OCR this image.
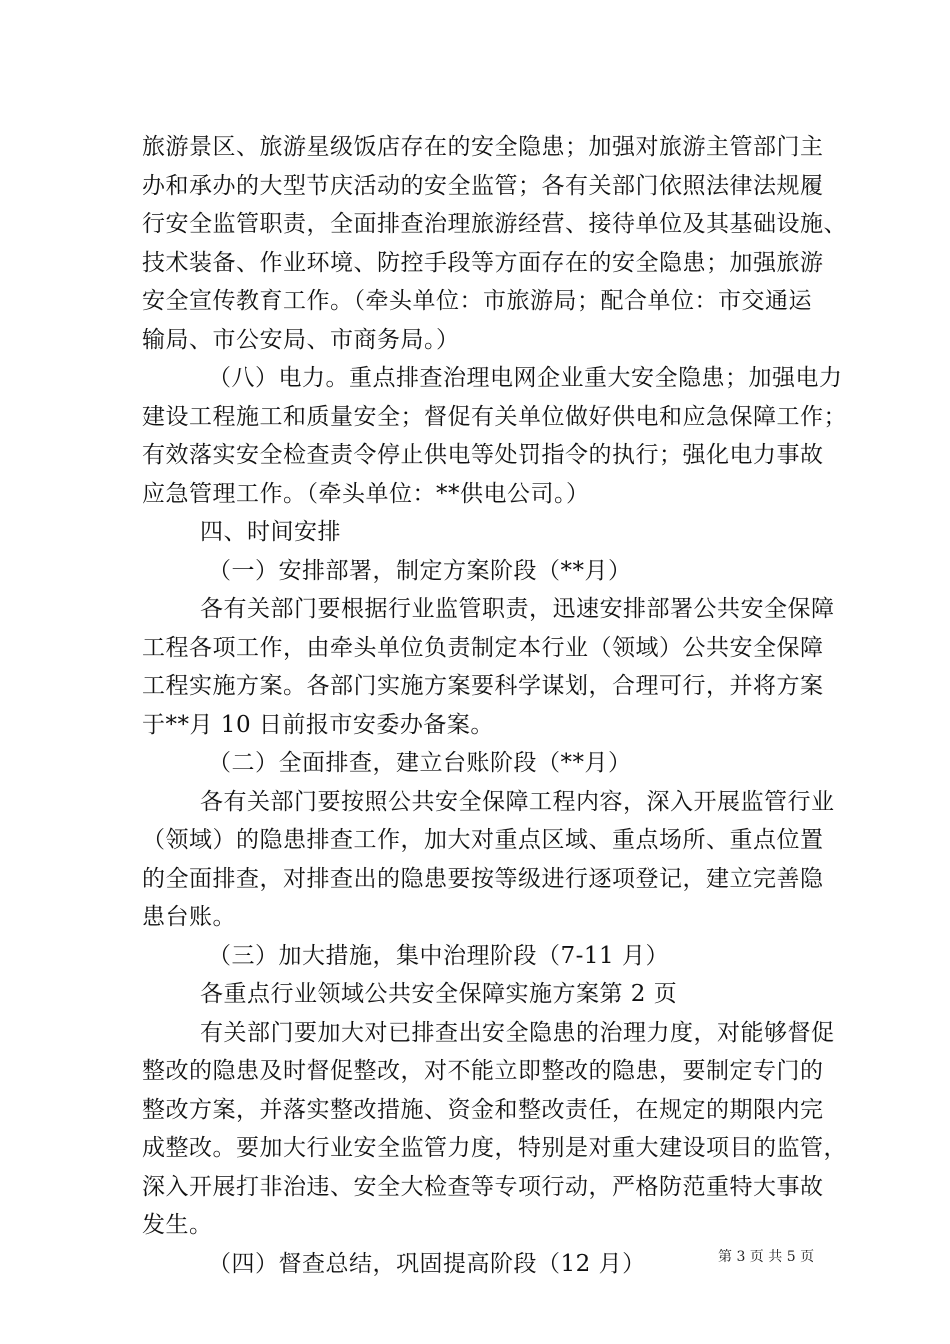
旅游景区、旅游星级饭店存在的安全隐患；加强对旅游主管部门主
办和承办的大型节庆活动的安全监管；各有关部门依照法律法规履
行安全监管职责，全面排查治理旅游经营、接待单位及其基础设施、
技术装备、作业环境、防控手段等方面存在的安全隐患；加强旅游
安全宣传教育工作。（牵头单位：市旅游局；配合单位：市交通运
输局、市公安局、市商务局。）
（八）电力。重点排查治理电网企业重大安全隐患；加强电力
建设工程施工和质量安全；督促有关单位做好供电和应急保障工作；
有效落实安全检查责令停止供电等处罚指令的执行；强化电力事故
应急管理工作。（牵头单位：**供电公司。）
四、时间安排
（一）安排部署，制定方案阶段（**月）
各有关部门要根据行业监管职责，迅速安排部署公共安全保障
工程各项工作，由牵头单位负责制定本行业（领域）公共安全保障
工程实施方案。各部门实施方案要科学谋划，合理可行，并将方案
于**月 10 日前报市安委办备案。
（二）全面排查，建立台账阶段（**月）
各有关部门要按照公共安全保障工程内容，深入开展监管行业
（领域）的隐患排查工作，加大对重点区域、重点场所、重点位置
的全面排查，对排查出的隐患要按等级进行逐项登记，建立完善隐
患台账。
（三）加大措施，集中治理阶段（7-11 月）
各重点行业领域公共安全保障实施方案第 2 页
有关部门要加大对已排查出安全隐患的治理力度，对能够督促
整改的隐患及时督促整改，对不能立即整改的隐患，要制定专门的
整改方案，并落实整改措施、资金和整改责任，在规定的期限内完
成整改。要加大行业安全监管力度，特别是对重大建设项目的监管，
深入开展打非治违、安全大检查等专项行动，严格防范重特大事故
发生。
（四）督查总结，巩固提高阶段（12 月）	第 3 页 共 5 页
